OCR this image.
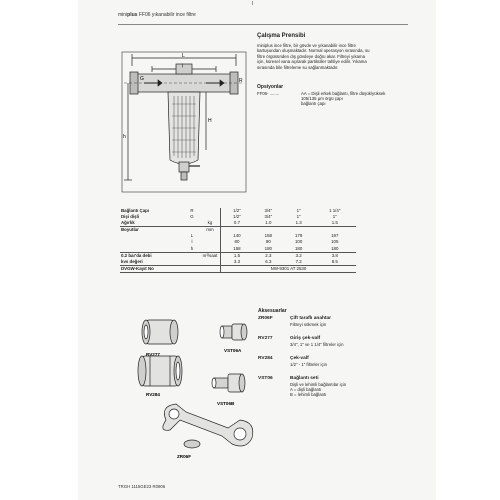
miniplus FF06 yıkanabilir ince filtre
L
l
G	R
h
H
Çalışma Prensibi
miniplus ince filtre, bir gövde ve yıkanabilir ince filtre
kartuşundan oluşmaktadır. Normal operasyon sırasında, su
filtre örgüsünden dış gövdeye doğru akar. Filtreyi yıkama
için, küresel vana açılarak partiküller tahliye edilir. Yıkama
sırasında bile filtreleme su sağlanmaktadır.
Opsiyonlar
FF06- ........	AA = Dişli erkek bağlantı, filtre düşük/yüksek
105/135 μm örgü çapı
bağlantı çapı
Bağlantı Çapı	R		1/2"	3/4"	1"	1 1/4"
Dişi dişli	G		1/2"	3/4"	1"	1"
Ağırlık		kg	0.7	1.0	1.3	1.5
Boyutlar		mm				
	L		140	158	179	197
	l		80	90	100	105
	h		158	180	180	180
0.2 bar'da debi		m³/saat	1.5	2.3	3.2	3.8
kvs değeri			3.3	6.3	7.2	8.5
DVGW-Kayıt No			NW-9301 AT 2530			
Aksesuarlar
ZR06F	Çift taraflı anahtar
Filtreyi sökmek için
RV277	Giriş çek-valf
3/4", 1" ve 1 1/4" filtreler için
RV284	Çek-valf
1/2" - 1" filtreler için
VST06	Bağlantı seti
Dişli ve lehimli bağlantılar için
A = dişli bağlantı
B = lehimli bağlantı
RV277
VST06A
RV284
VST06B
ZR06F
TRGH 1115GE23 R0906
